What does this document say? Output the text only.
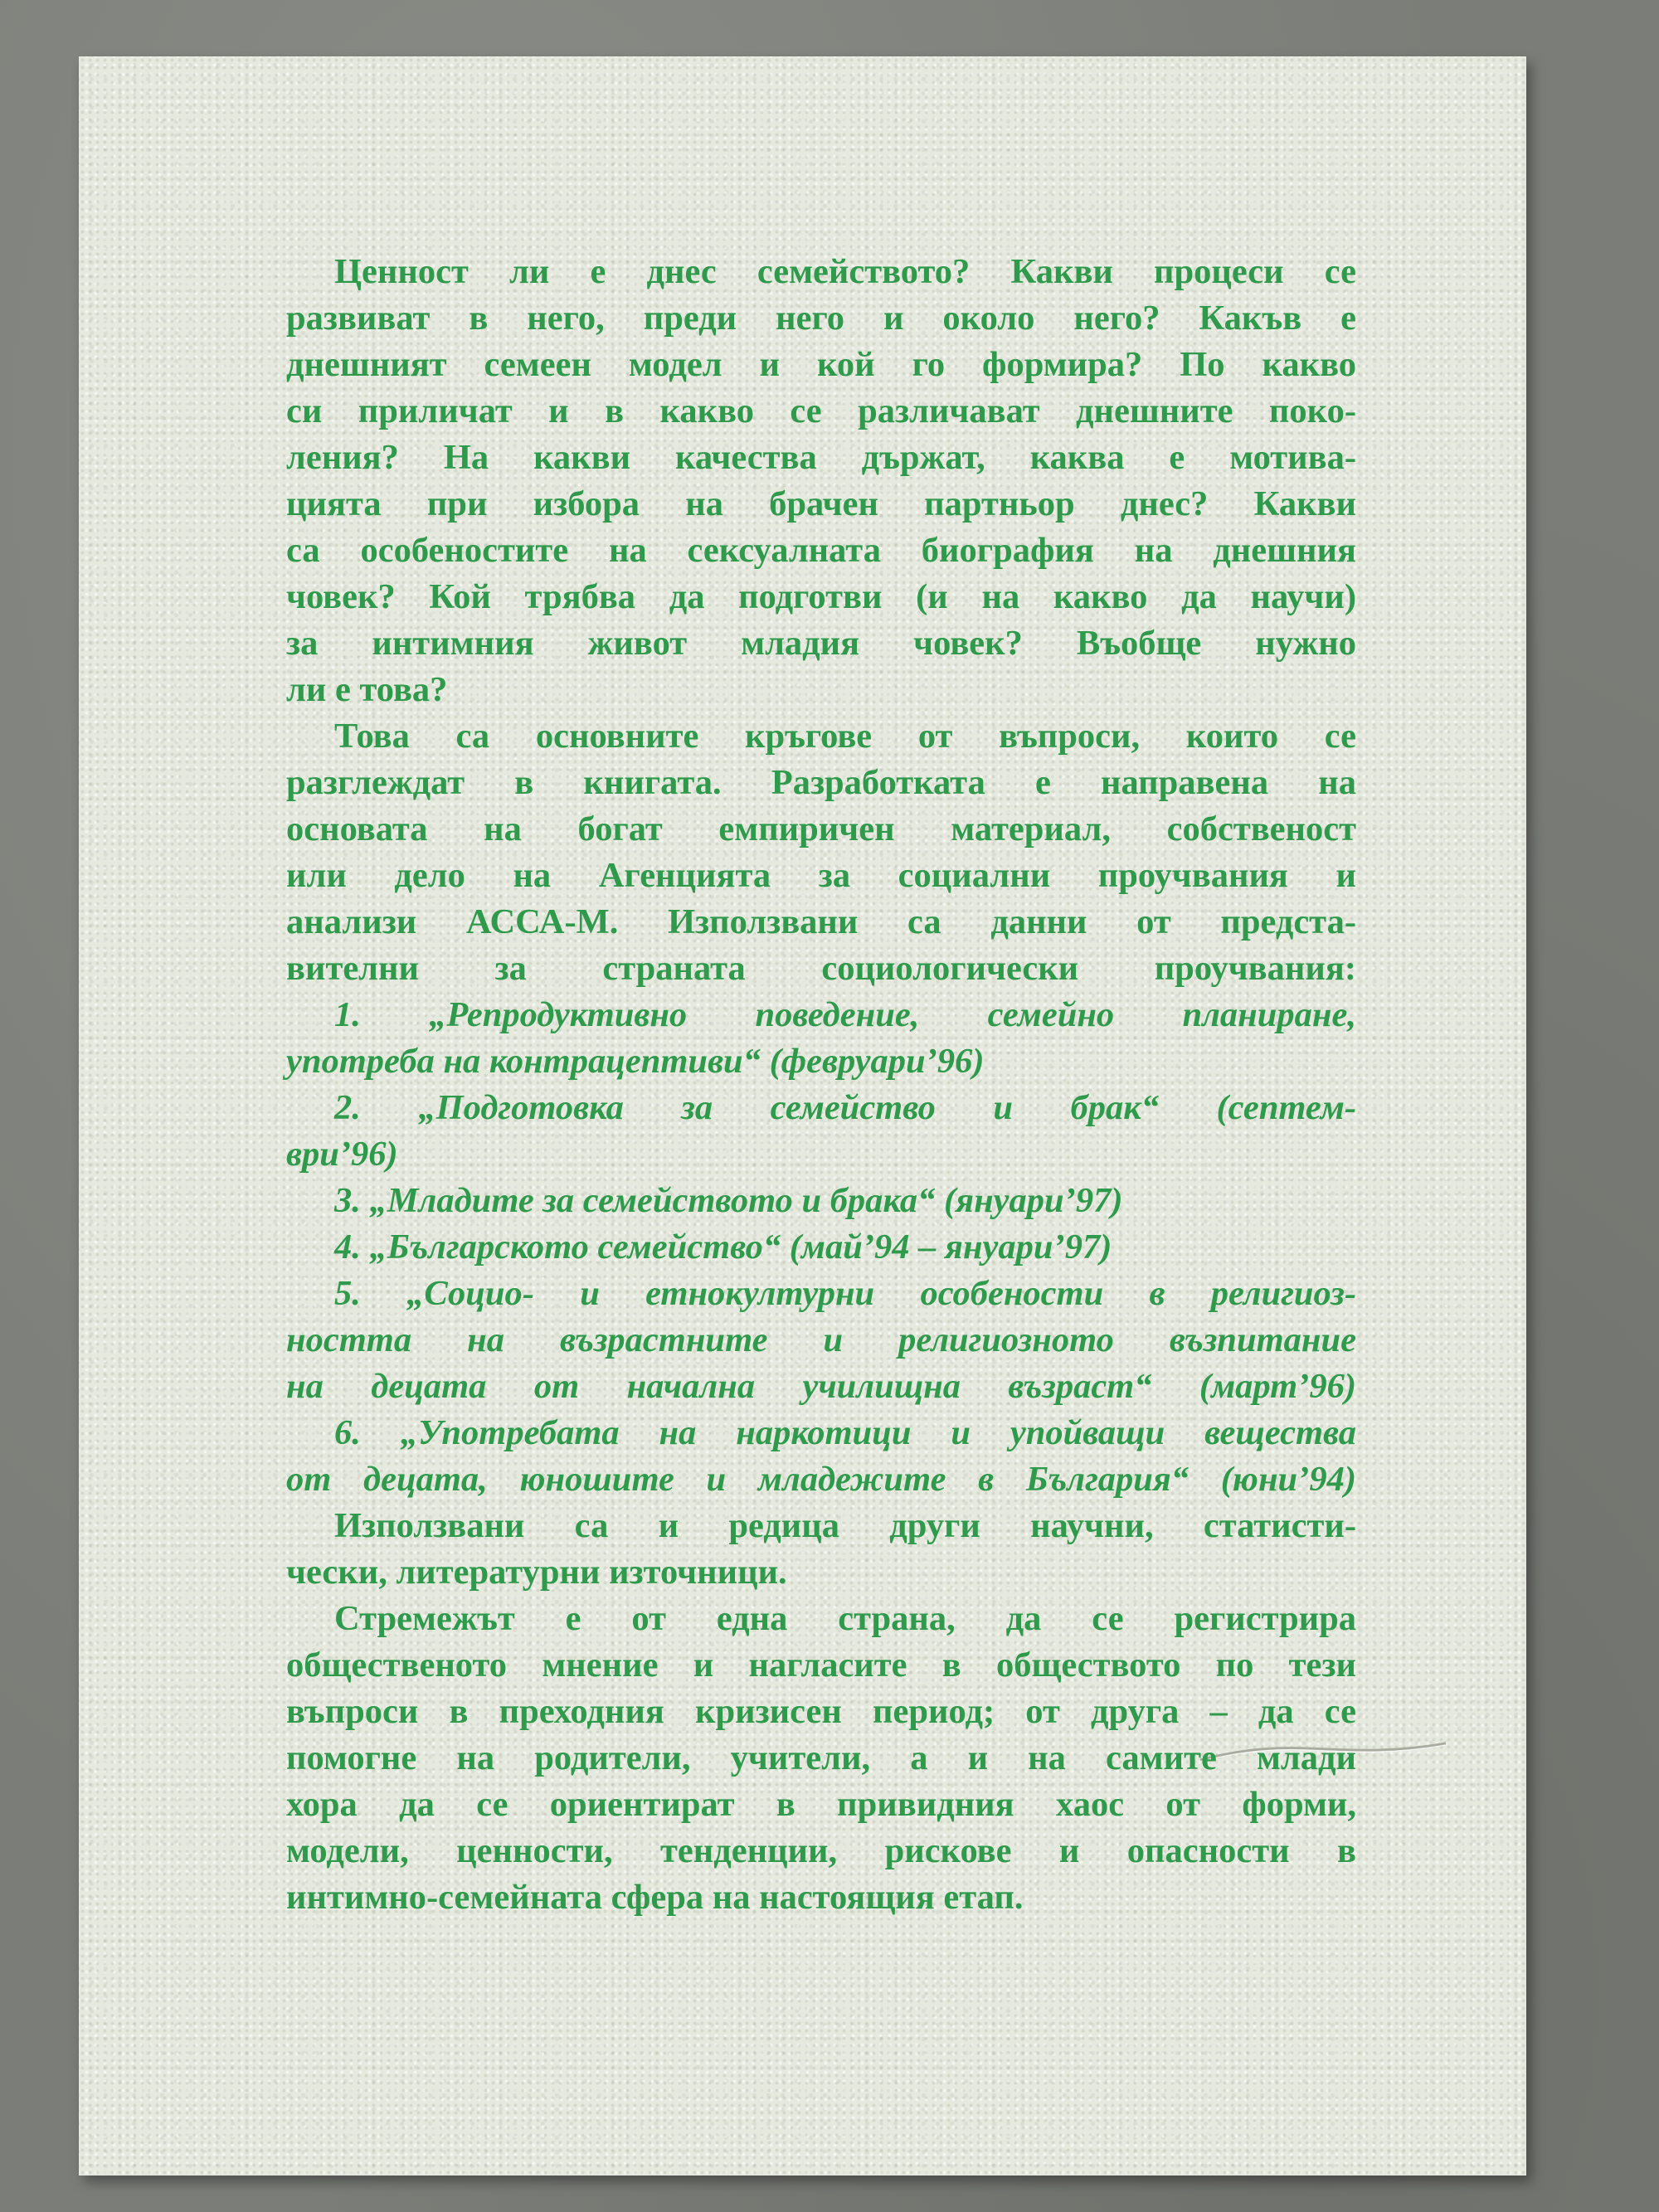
Ценност ли е днес семейството? Какви процеси се
развиват в него, преди него и около него? Какъв е
днешният семеен модел и кой го формира? По какво
си приличат и в какво се различават днешните поко-
ления? На какви качества държат, каква е мотива-
цията при избора на брачен партньор днес? Какви
са особеностите на сексуалната биография на днешния
човек? Кой трябва да подготви (и на какво да научи)
за интимния живот младия човек? Въобще нужно
ли е това?
Това са основните кръгове от въпроси, които се
разглеждат в книгата. Разработката е направена на
основата на богат емпиричен материал, собственост
или дело на Агенцията за социални проучвания и
анализи АССА-М. Използвани са данни от предста-
вителни за страната социологически проучвания:
1. „Репродуктивно поведение, семейно планиране,
употреба на контрацептиви“ (февруари’96)
2. „Подготовка за семейство и брак“ (септем-
ври’96)
3. „Младите за семейството и брака“ (януари’97)
4. „Българското семейство“ (май’94 – януари’97)
5. „Социо- и етнокултурни особености в религиоз-
ността на възрастните и религиозното възпитание
на децата от начална училищна възраст“ (март’96)
6. „Употребата на наркотици и упойващи вещества
от децата, юношите и младежите в България“ (юни’94)
Използвани са и редица други научни, статисти-
чески, литературни източници.
Стремежът е от една страна, да се регистрира
общественото мнение и нагласите в обществото по тези
въпроси в преходния кризисен период; от друга – да се
помогне на родители, учители, а и на самите млади
хора да се ориентират в привидния хаос от форми,
модели, ценности, тенденции, рискове и опасности в
интимно-семейната сфера на настоящия етап.
